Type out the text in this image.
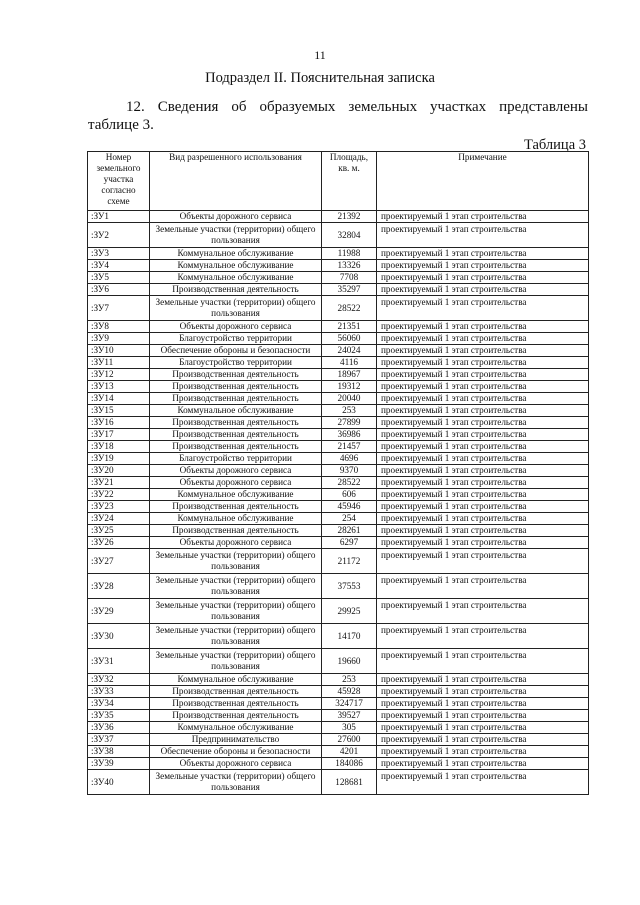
11
Подраздел II. Пояснительная записка
12. Сведения об образуемых земельных участках представлены
таблице 3.
Таблица 3
Номер земельного участка согласно схеме	Вид разрешенного использования	Площадь, кв. м.	Примечание
:ЗУ1	Объекты дорожного сервиса	21392	проектируемый 1 этап строительства
:ЗУ2	Земельные участки (территории) общего пользования	32804	проектируемый 1 этап строительства
:ЗУ3	Коммунальное обслуживание	11988	проектируемый 1 этап строительства
:ЗУ4	Коммунальное обслуживание	13326	проектируемый 1 этап строительства
:ЗУ5	Коммунальное обслуживание	7708	проектируемый 1 этап строительства
:ЗУ6	Производственная деятельность	35297	проектируемый 1 этап строительства
:ЗУ7	Земельные участки (территории) общего пользования	28522	проектируемый 1 этап строительства
:ЗУ8	Объекты дорожного сервиса	21351	проектируемый 1 этап строительства
:ЗУ9	Благоустройство территории	56060	проектируемый 1 этап строительства
:ЗУ10	Обеспечение обороны и безопасности	24024	проектируемый 1 этап строительства
:ЗУ11	Благоустройство территории	4116	проектируемый 1 этап строительства
:ЗУ12	Производственная деятельность	18967	проектируемый 1 этап строительства
:ЗУ13	Производственная деятельность	19312	проектируемый 1 этап строительства
:ЗУ14	Производственная деятельность	20040	проектируемый 1 этап строительства
:ЗУ15	Коммунальное обслуживание	253	проектируемый 1 этап строительства
:ЗУ16	Производственная деятельность	27899	проектируемый 1 этап строительства
:ЗУ17	Производственная деятельность	36986	проектируемый 1 этап строительства
:ЗУ18	Производственная деятельность	21457	проектируемый 1 этап строительства
:ЗУ19	Благоустройство территории	4696	проектируемый 1 этап строительства
:ЗУ20	Объекты дорожного сервиса	9370	проектируемый 1 этап строительства
:ЗУ21	Объекты дорожного сервиса	28522	проектируемый 1 этап строительства
:ЗУ22	Коммунальное обслуживание	606	проектируемый 1 этап строительства
:ЗУ23	Производственная деятельность	45946	проектируемый 1 этап строительства
:ЗУ24	Коммунальное обслуживание	254	проектируемый 1 этап строительства
:ЗУ25	Производственная деятельность	28261	проектируемый 1 этап строительства
:ЗУ26	Объекты дорожного сервиса	6297	проектируемый 1 этап строительства
:ЗУ27	Земельные участки (территории) общего пользования	21172	проектируемый 1 этап строительства
:ЗУ28	Земельные участки (территории) общего пользования	37553	проектируемый 1 этап строительства
:ЗУ29	Земельные участки (территории) общего пользования	29925	проектируемый 1 этап строительства
:ЗУ30	Земельные участки (территории) общего пользования	14170	проектируемый 1 этап строительства
:ЗУ31	Земельные участки (территории) общего пользования	19660	проектируемый 1 этап строительства
:ЗУ32	Коммунальное обслуживание	253	проектируемый 1 этап строительства
:ЗУ33	Производственная деятельность	45928	проектируемый 1 этап строительства
:ЗУ34	Производственная деятельность	324717	проектируемый 1 этап строительства
:ЗУ35	Производственная деятельность	39527	проектируемый 1 этап строительства
:ЗУ36	Коммунальное обслуживание	305	проектируемый 1 этап строительства
:ЗУ37	Предпринимательство	27600	проектируемый 1 этап строительства
:ЗУ38	Обеспечение обороны и безопасности	4201	проектируемый 1 этап строительства
:ЗУ39	Объекты дорожного сервиса	184086	проектируемый 1 этап строительства
:ЗУ40	Земельные участки (территории) общего пользования	128681	проектируемый 1 этап строительства
